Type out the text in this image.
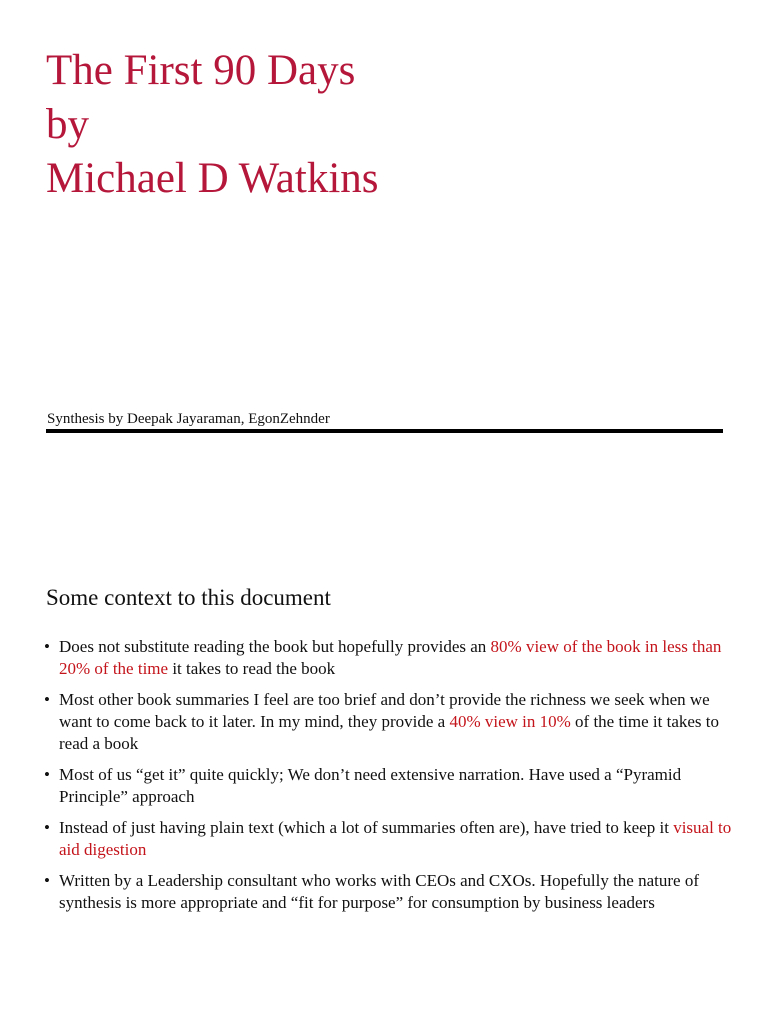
The First 90 Days
by
Michael D Watkins
Synthesis by Deepak Jayaraman, EgonZehnder
Some context to this document
• Does not substitute reading the book but hopefully provides an 80% view of the book in less than 20% of the time it takes to read the book
• Most other book summaries I feel are too brief and don’t provide the richness we seek when we want to come back to it later. In my mind, they provide a 40% view in 10% of the time it takes to read a book
• Most of us “get it” quite quickly; We don’t need extensive narration. Have used a “Pyramid Principle” approach
• Instead of just having plain text (which a lot of summaries often are), have tried to keep it visual to aid digestion
• Written by a Leadership consultant who works with CEOs and CXOs. Hopefully the nature of synthesis is more appropriate and “fit for purpose” for consumption by business leaders
